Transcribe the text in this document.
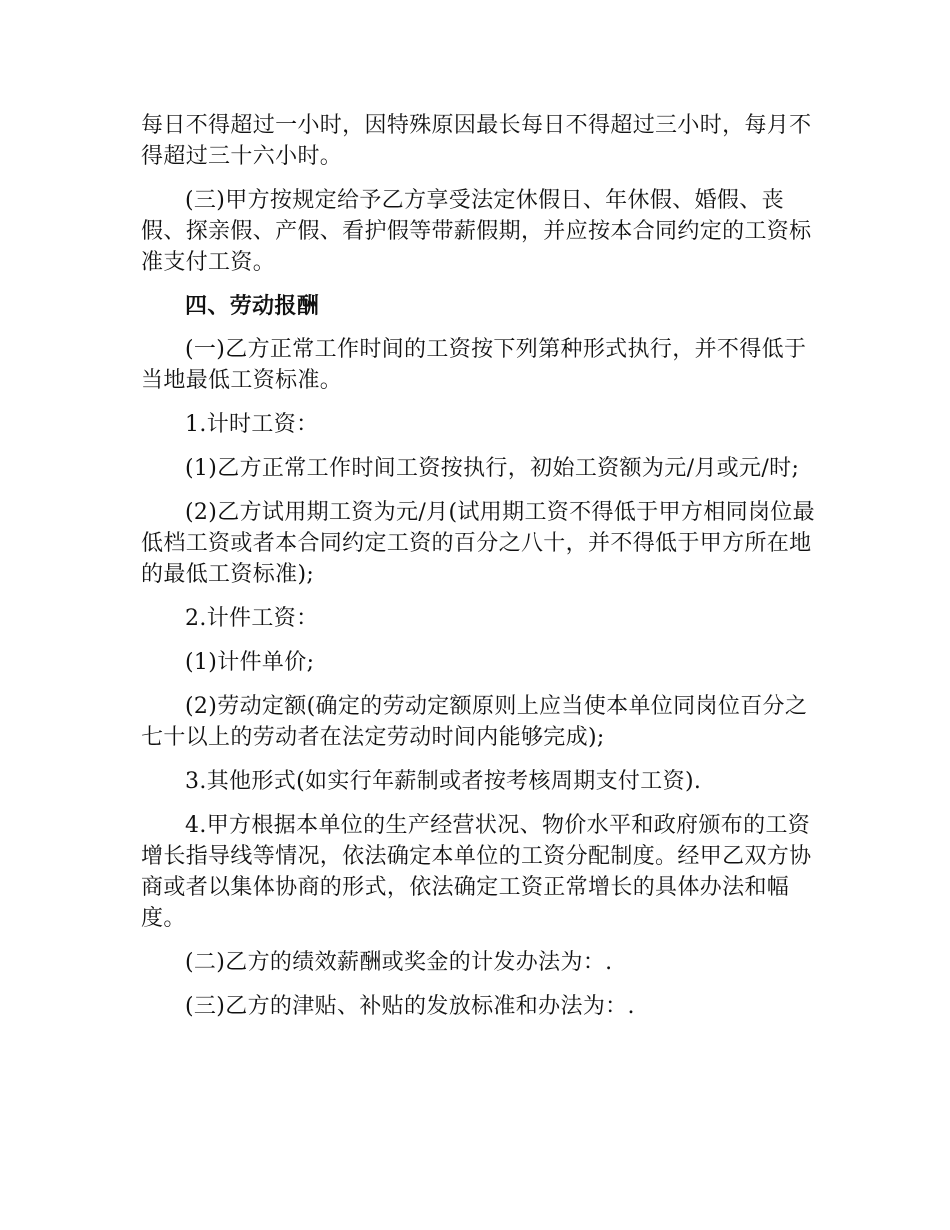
每日不得超过一小时，因特殊原因最长每日不得超过三小时，每月不得超过三十六小时。

(三)甲方按规定给予乙方享受法定休假日、年休假、婚假、丧假、探亲假、产假、看护假等带薪假期，并应按本合同约定的工资标准支付工资。

四、劳动报酬

(一)乙方正常工作时间的工资按下列第种形式执行，并不得低于当地最低工资标准。

1.计时工资：

(1)乙方正常工作时间工资按执行，初始工资额为元/月或元/时;

(2)乙方试用期工资为元/月(试用期工资不得低于甲方相同岗位最低档工资或者本合同约定工资的百分之八十，并不得低于甲方所在地的最低工资标准);

2.计件工资：

(1)计件单价;

(2)劳动定额(确定的劳动定额原则上应当使本单位同岗位百分之七十以上的劳动者在法定劳动时间内能够完成);

3.其他形式(如实行年薪制或者按考核周期支付工资).

4.甲方根据本单位的生产经营状况、物价水平和政府颁布的工资增长指导线等情况，依法确定本单位的工资分配制度。经甲乙双方协商或者以集体协商的形式，依法确定工资正常增长的具体办法和幅度。

(二)乙方的绩效薪酬或奖金的计发办法为：.

(三)乙方的津贴、补贴的发放标准和办法为：.
